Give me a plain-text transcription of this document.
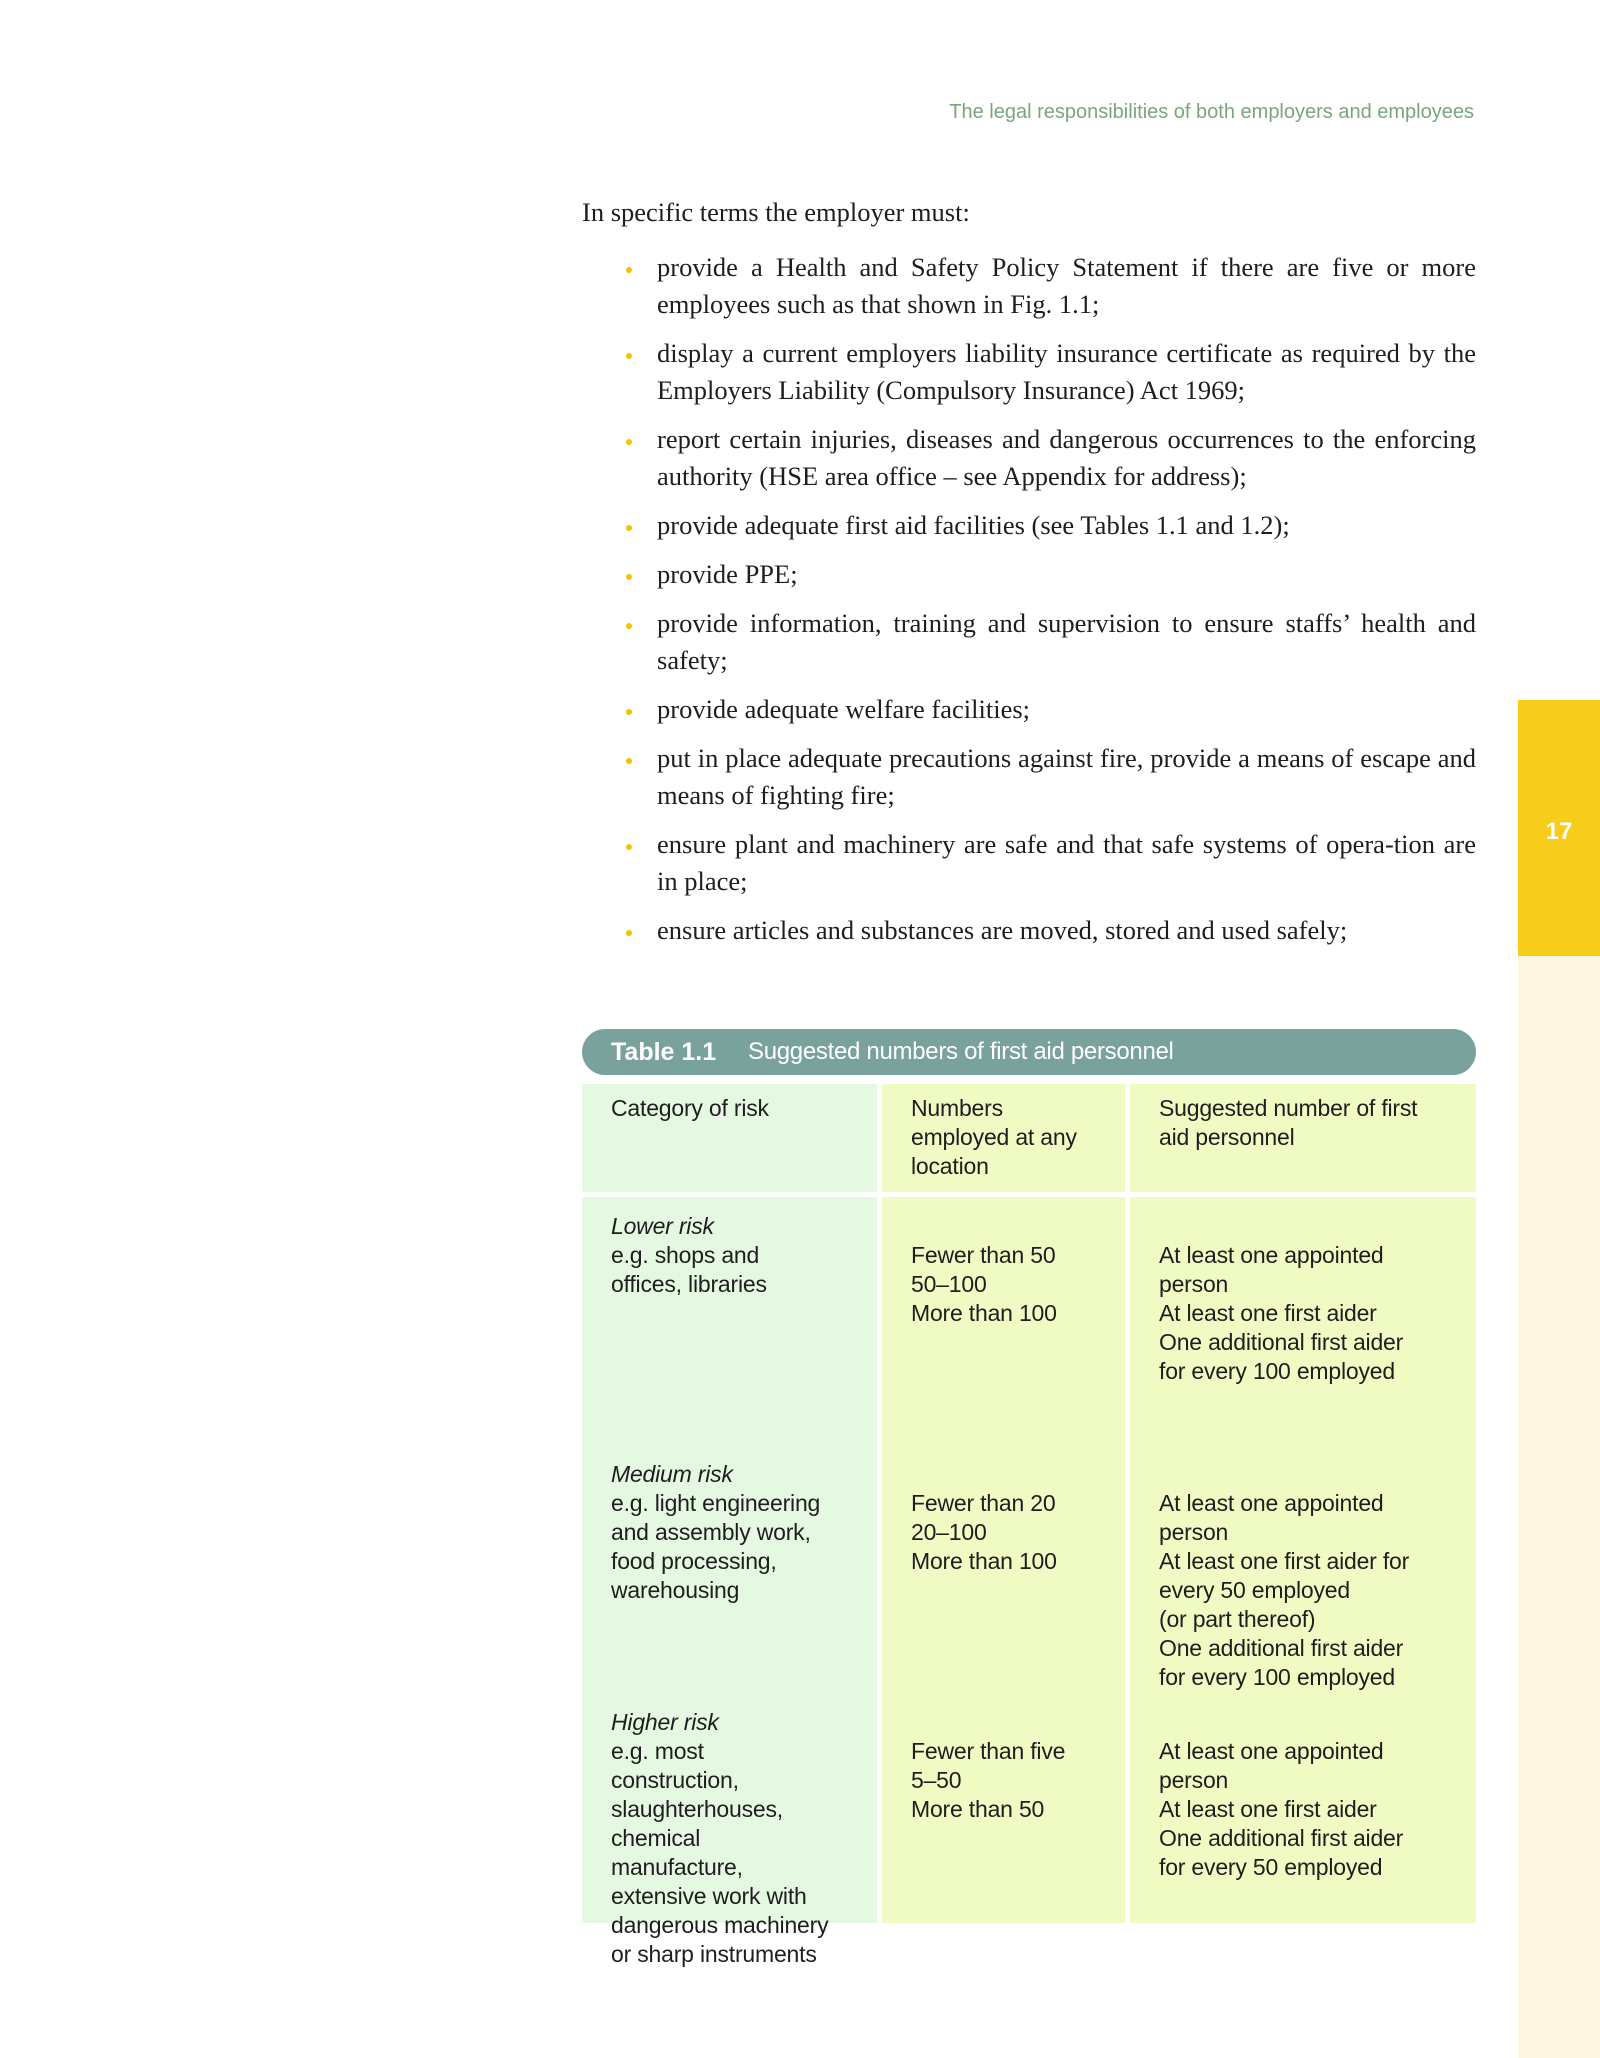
17
The legal responsibilities of both employers and employees
In specific terms the employer must:
provide a Health and Safety Policy Statement if there are five or more employees such as that shown in Fig. 1.1;
display a current employers liability insurance certificate as required by the Employers Liability (Compulsory Insurance) Act 1969;
report certain injuries, diseases and dangerous occurrences to the enforcing authority (HSE area office – see Appendix for address);
provide adequate first aid facilities (see Tables 1.1 and 1.2);
provide PPE;
provide information, training and supervision to ensure staffs’ health and safety;
provide adequate welfare facilities;
put in place adequate precautions against fire, provide a means of escape and means of fighting fire;
ensure plant and machinery are safe and that safe systems of opera-tion are in place;
ensure articles and substances are moved, stored and used safely;
Table 1.1 Suggested numbers of first aid personnel
Category of risk	Numbers
employed at any
location
Suggested number of first
aid personnel
Lower risk
e.g. shops and
offices, libraries
Medium risk
e.g. light engineering
and assembly work,
food processing,
warehousing
Higher risk
e.g. most
construction,
slaughterhouses,
chemical
manufacture,
extensive work with
dangerous machinery
or sharp instruments
Fewer than 50
50–100
More than 100
Fewer than 20
20–100
More than 100
Fewer than five
5–50
More than 50
At least one appointed
person
At least one first aider
One additional first aider
for every 100 employed
At least one appointed
person
At least one first aider for
every 50 employed
(or part thereof)
One additional first aider
for every 100 employed
At least one appointed
person
At least one first aider
One additional first aider
for every 50 employed
